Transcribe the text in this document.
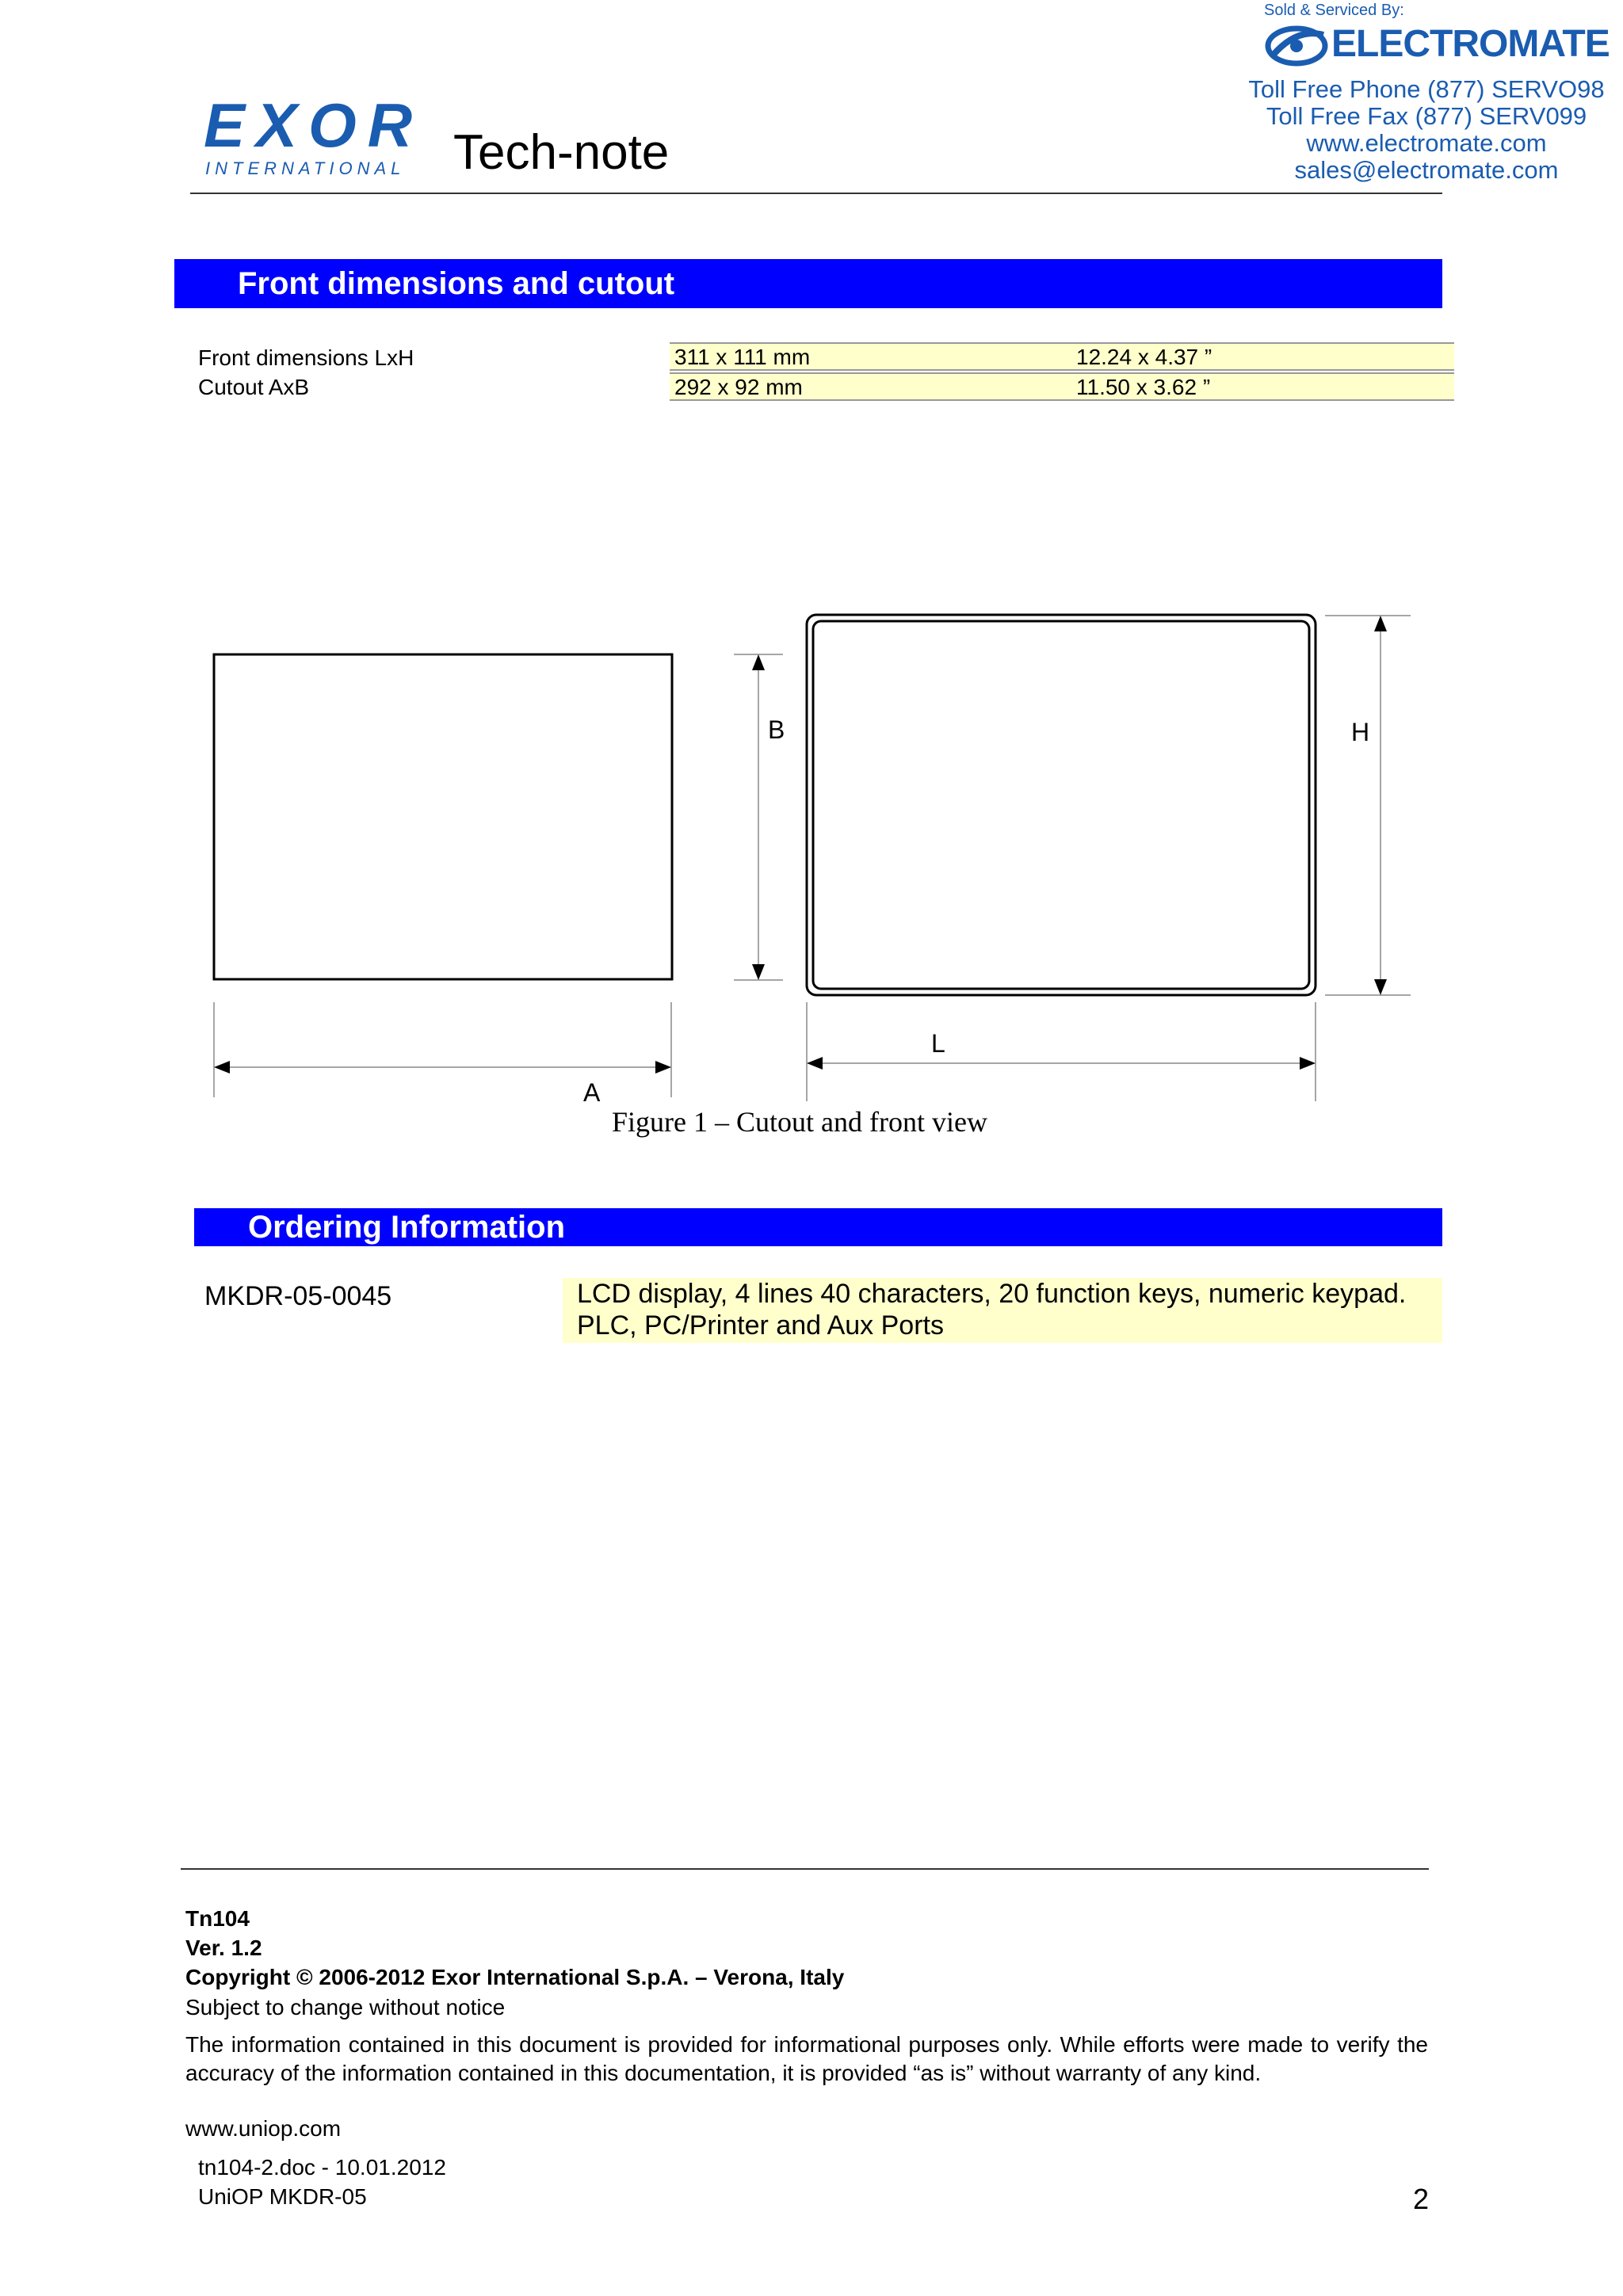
EXOR
INTERNATIONAL Tech-note
Sold & Serviced By:
ELECTROMATE
Toll Free Phone (877) SERVO98
Toll Free Fax (877) SERV099
www.electromate.com
sales@electromate.com
Front dimensions and cutout
Front dimensions LxH	311 x 111 mm	12.24 x 4.37 ”
Cutout AxB	292 x 92 mm	11.50 x 3.62 ”
B
A
H
L
Figure 1 – Cutout and front view
Ordering Information
MKDR-05-0045	LCD display, 4 lines 40 characters, 20 function keys, numeric keypad.
PLC, PC/Printer and Aux Ports
Tn104
Ver. 1.2
Copyright © 2006-2012 Exor International S.p.A. – Verona, Italy
Subject to change without notice
The information contained in this document is provided for informational purposes only. While efforts were made to verify the accuracy of the information contained in this documentation, it is provided “as is” without warranty of any kind.
www.uniop.com
tn104-2.doc - 10.01.2012
UniOP MKDR-05	2
